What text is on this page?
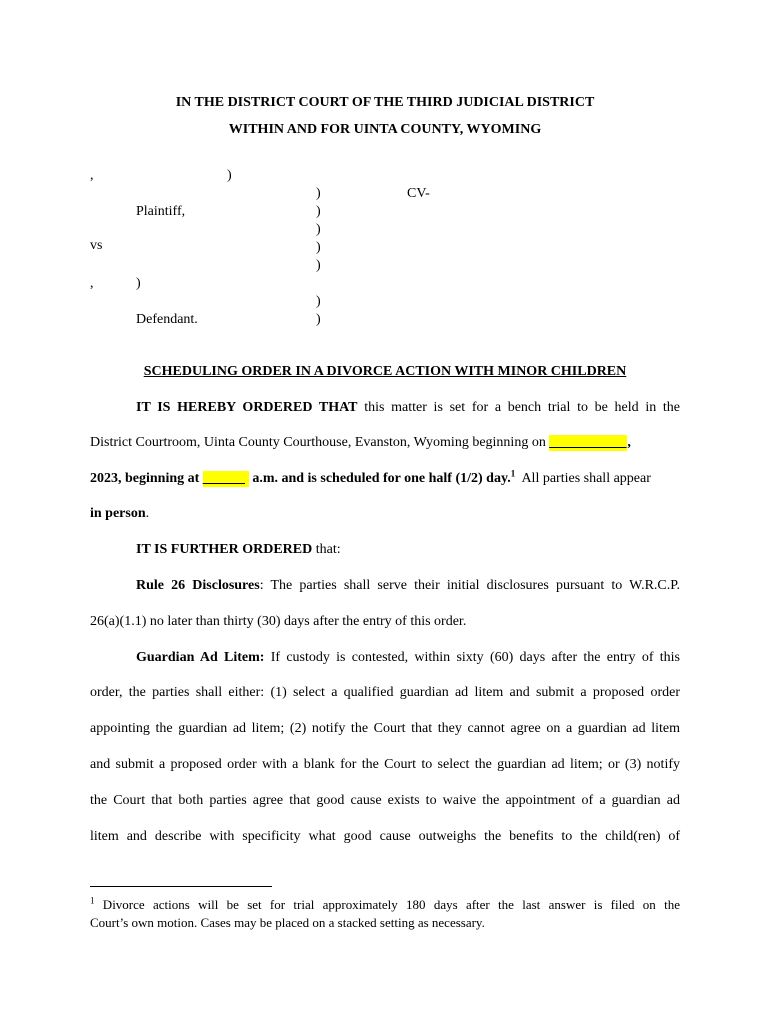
IN THE DISTRICT COURT OF THE THIRD JUDICIAL DISTRICT
WITHIN AND FOR UINTA COUNTY, WYOMING
,	)
)
)
)
)
)
)
)
CV-
Plaintiff,
vs
,	)
Defendant.
SCHEDULING ORDER IN A DIVORCE ACTION WITH MINOR CHILDREN
IT IS HEREBY ORDERED THAT this matter is set for a bench trial to be held in the
District Courtroom, Uinta County Courthouse, Evanston, Wyoming beginning on ___________,
2023, beginning at ______ a.m. and is scheduled for one half (1/2) day.$^1$ All parties shall appear
in person.
IT IS FURTHER ORDERED that:
Rule 26 Disclosures: The parties shall serve their initial disclosures pursuant to W.R.C.P.
26(a)(1.1) no later than thirty (30) days after the entry of this order.
Guardian Ad Litem: If custody is contested, within sixty (60) days after the entry of this
order, the parties shall either: (1) select a qualified guardian ad litem and submit a proposed order
appointing the guardian ad litem; (2) notify the Court that they cannot agree on a guardian ad litem
and submit a proposed order with a blank for the Court to select the guardian ad litem; or (3) notify
the Court that both parties agree that good cause exists to waive the appointment of a guardian ad
litem and describe with specificity what good cause outweighs the benefits to the child(ren) of
$^1$ Divorce actions will be set for trial approximately 180 days after the last answer is filed on the
Court’s own motion. Cases may be placed on a stacked setting as necessary.
